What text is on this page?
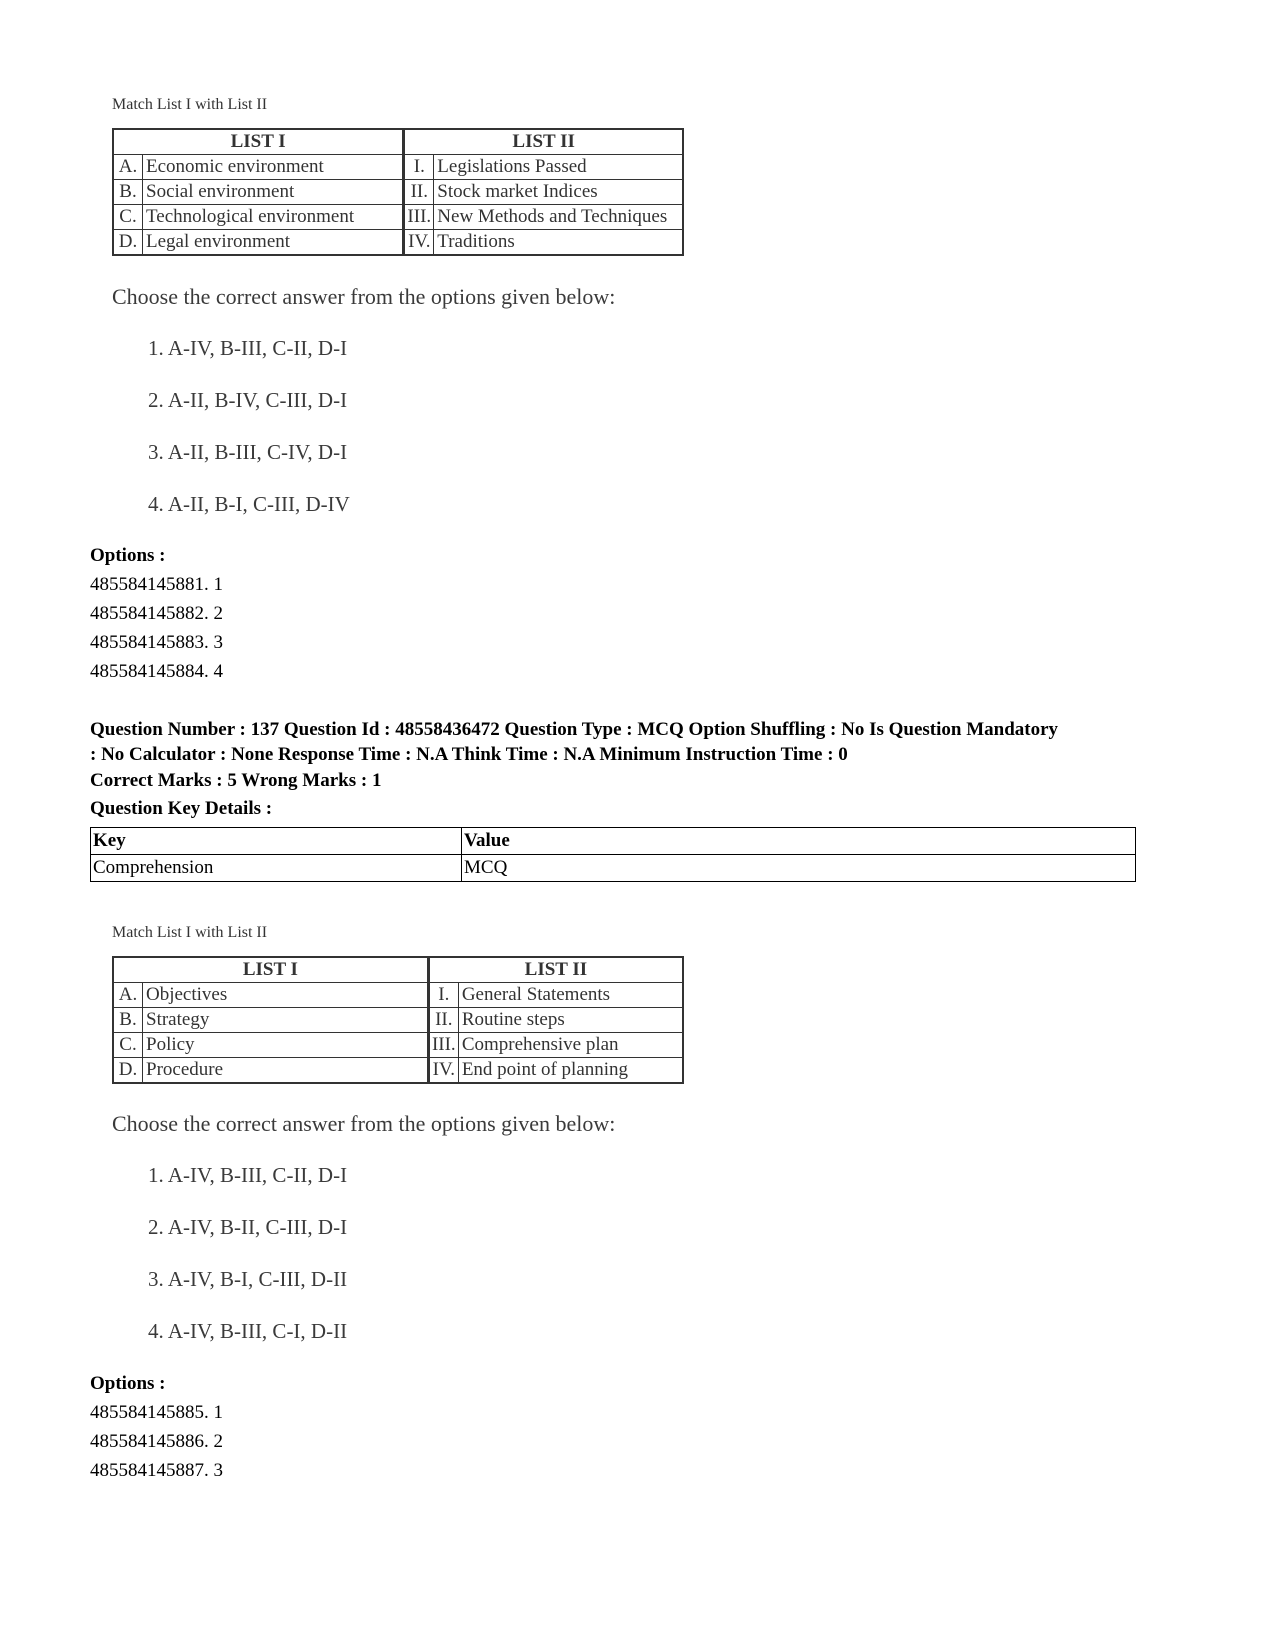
Match List I with List II

LIST I		LIST II	
A.	Economic environment	I.	Legislations Passed
B.	Social environment	II.	Stock market Indices
C.	Technological environment	III.	New Methods and Techniques
D.	Legal environment	IV.	Traditions

Choose the correct answer from the options given below:

1. A-IV, B-III, C-II, D-I

2. A-II, B-IV, C-III, D-I

3. A-II, B-III, C-IV, D-I

4. A-II, B-I, C-III, D-IV

Options :

485584145881. 1

485584145882. 2

485584145883. 3

485584145884. 4

Question Number : 137 Question Id : 48558436472 Question Type : MCQ Option Shuffling : No Is Question Mandatory

: No Calculator : None Response Time : N.A Think Time : N.A Minimum Instruction Time : 0

Correct Marks : 5 Wrong Marks : 1

Question Key Details :

Key	Value
Comprehension	MCQ

Match List I with List II

LIST I		LIST II	
A.	Objectives	I.	General Statements
B.	Strategy	II.	Routine steps
C.	Policy	III.	Comprehensive plan
D.	Procedure	IV.	End point of planning

Choose the correct answer from the options given below:

1. A-IV, B-III, C-II, D-I

2. A-IV, B-II, C-III, D-I

3. A-IV, B-I, C-III, D-II

4. A-IV, B-III, C-I, D-II

Options :

485584145885. 1

485584145886. 2

485584145887. 3
